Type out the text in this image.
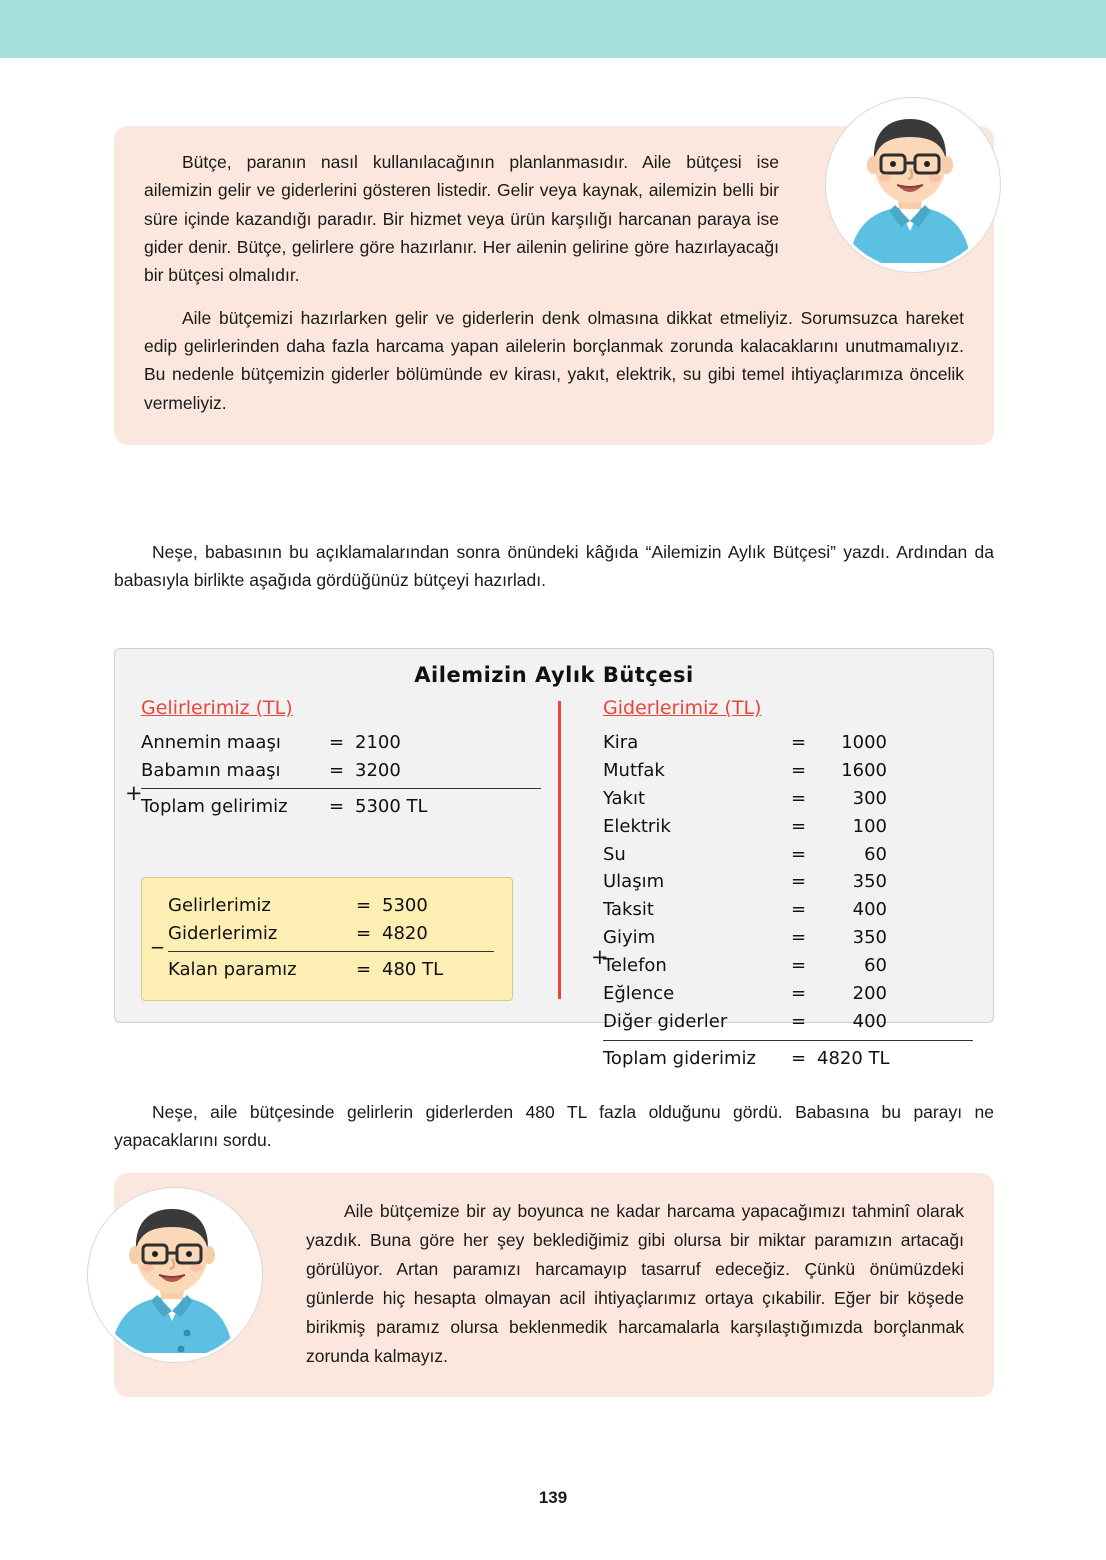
Bütçe, paranın nasıl kullanılacağının planlanmasıdır. Aile bütçesi ise ailemizin gelir ve giderlerini gösteren listedir. Gelir veya kaynak, ailemizin belli bir süre içinde kazandığı paradır. Bir hizmet veya ürün karşılığı harcanan paraya ise gider denir. Bütçe, gelirlere göre hazırlanır. Her ailenin gelirine göre hazırlayacağı bir bütçesi olmalıdır.

Aile bütçemizi hazırlarken gelir ve giderlerin denk olmasına dikkat etmeliyiz. Sorumsuzca hareket edip gelirlerinden daha fazla harcama yapan ailelerin borçlanmak zorunda kalacaklarını unutmamalıyız. Bu nedenle bütçemizin giderler bölümünde ev kirası, yakıt, elektrik, su gibi temel ihtiyaçlarımıza öncelik vermeliyiz.

Neşe, babasının bu açıklamalarından sonra önündeki kâğıda “Ailemizin Aylık Bütçesi” yazdı. Ardından da babasıyla birlikte aşağıda gördüğünüz bütçeyi hazırladı.
Ailemizin Aylık Bütçesi
Gelirlerimiz (TL)
+
Annemin maaşı	= 2100
Babamın maaşı	= 3200
Toplam gelirimiz	= 5300 TL
_
Gelirlerimiz	= 5300
Giderlerimiz	= 4820
Kalan paramız	= 480 TL
Giderlerimiz (TL)
Kira	=	1000
Mutfak	=	1600
Yakıt	=	300
Elektrik	=	100
Su	=	60
Ulaşım	=	350
Taksit	=	400
Giyim	=	350
Telefon	=	60
Eğlence	=	200
Diğer giderler	=	400
Toplam giderimiz	= 4820 TL
+
Neşe, aile bütçesinde gelirlerin giderlerden 480 TL fazla olduğunu gördü. Babasına bu parayı ne yapacaklarını sordu.

Aile bütçemize bir ay boyunca ne kadar harcama yapacağımızı tahminî olarak yazdık. Buna göre her şey beklediğimiz gibi olursa bir miktar paramızın artacağı görülüyor. Artan paramızı harcamayıp tasarruf edeceğiz. Çünkü önümüzdeki günlerde hiç hesapta olmayan acil ihtiyaçlarımız ortaya çıkabilir. Eğer bir köşede birikmiş paramız olursa beklenmedik harcamalarla karşılaştığımızda borçlanmak zorunda kalmayız.

139
